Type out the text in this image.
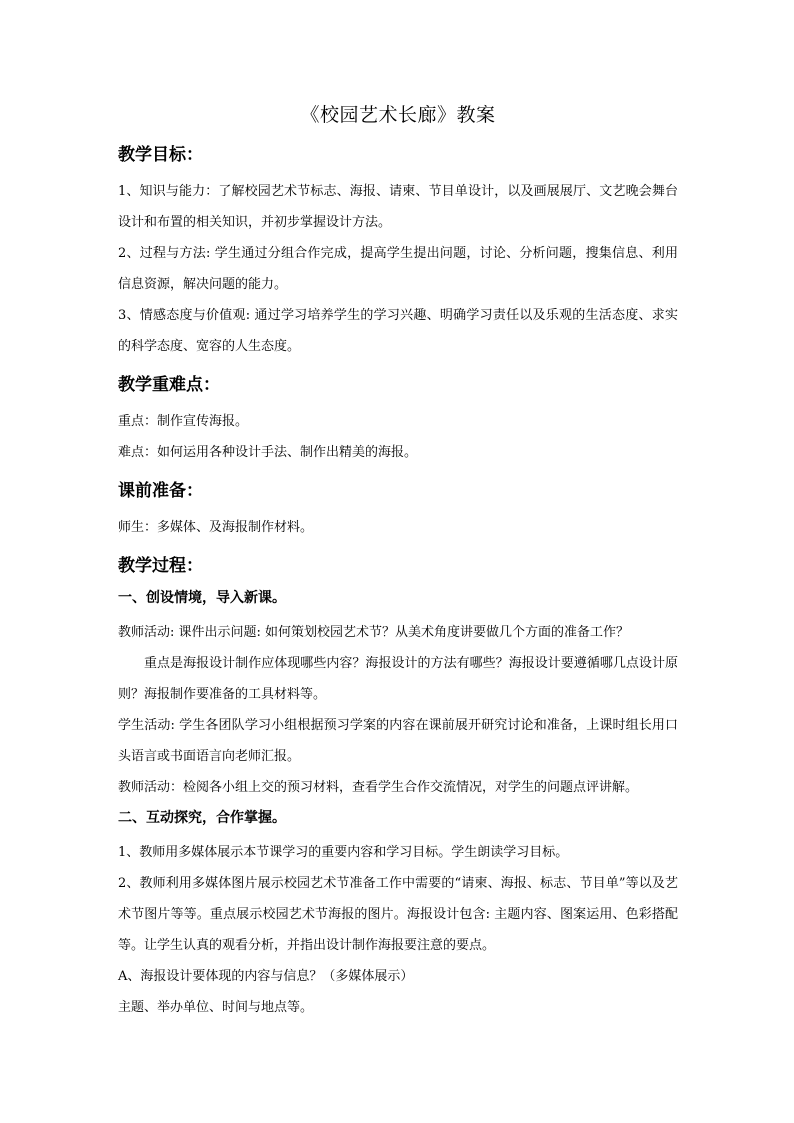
《校园艺术长廊》教案
教学目标：

1、知识与能力：了解校园艺术节标志、海报、请柬、节目单设计，以及画展展厅、文艺晚会舞台设计和布置的相关知识，并初步掌握设计方法。

2、过程与方法: 学生通过分组合作完成，提高学生提出问题，讨论、分析问题，搜集信息、利用信息资源，解决问题的能力。

3、情感态度与价值观: 通过学习培养学生的学习兴趣、明确学习责任以及乐观的生活态度、求实的科学态度、宽容的人生态度。

教学重难点：

重点：制作宣传海报。

难点：如何运用各种设计手法、制作出精美的海报。

课前准备：

师生：多媒体、及海报制作材料。

教学过程：
一、创设情境，导入新课。

教师活动: 课件出示问题: 如何策划校园艺术节？从美术角度讲要做几个方面的准备工作？

重点是海报设计制作应体现哪些内容？海报设计的方法有哪些？海报设计要遵循哪几点设计原则？海报制作要准备的工具材料等。

学生活动: 学生各团队学习小组根据预习学案的内容在课前展开研究讨论和准备，上课时组长用口头语言或书面语言向老师汇报。

教师活动：检阅各小组上交的预习材料，查看学生合作交流情况，对学生的问题点评讲解。

二、互动探究，合作掌握。

1、教师用多媒体展示本节课学习的重要内容和学习目标。学生朗读学习目标。

2、教师利用多媒体图片展示校园艺术节准备工作中需要的“请柬、海报、标志、节目单”等以及艺术节图片等等。重点展示校园艺术节海报的图片。海报设计包含: 主题内容、图案运用、色彩搭配等。让学生认真的观看分析，并指出设计制作海报要注意的要点。

A、海报设计要体现的内容与信息？（多媒体展示）

主题、举办单位、时间与地点等。
